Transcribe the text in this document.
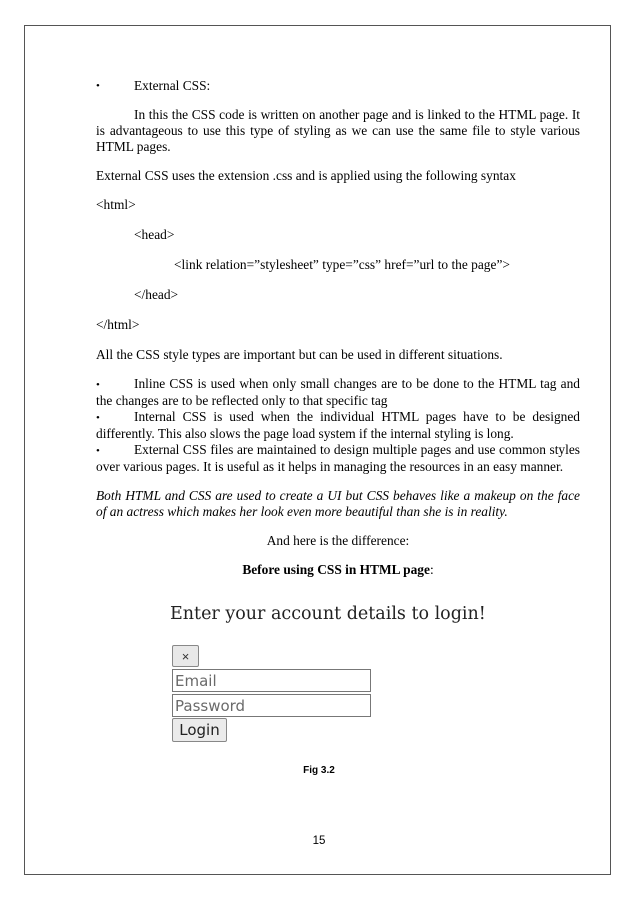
•	External CSS:

In this the CSS code is written on another page and is linked to the HTML page. It is advantageous to use this type of styling as we can use the same file to style various HTML pages.

External CSS uses the extension .css and is applied using the following syntax

<html>

<head>

<link relation=”stylesheet” type=”css” href=”url to the page”>

</head>

</html>

All the CSS style types are important but can be used in different situations.

•	Inline CSS is used when only small changes are to be done to the HTML tag and the changes are to be reflected only to that specific tag

•	Internal CSS is used when the individual HTML pages have to be designed differently. This also slows the page load system if the internal styling is long.

•	External CSS files are maintained to design multiple pages and use common styles over various pages. It is useful as it helps in managing the resources in an easy manner.

Both HTML and CSS are used to create a UI but CSS behaves like a makeup on the face of an actress which makes her look even more beautiful than she is in reality.

And here is the difference:

Before using CSS in HTML page:

Enter your account details to login!
×
Email
Login
Fig 3.2
15
